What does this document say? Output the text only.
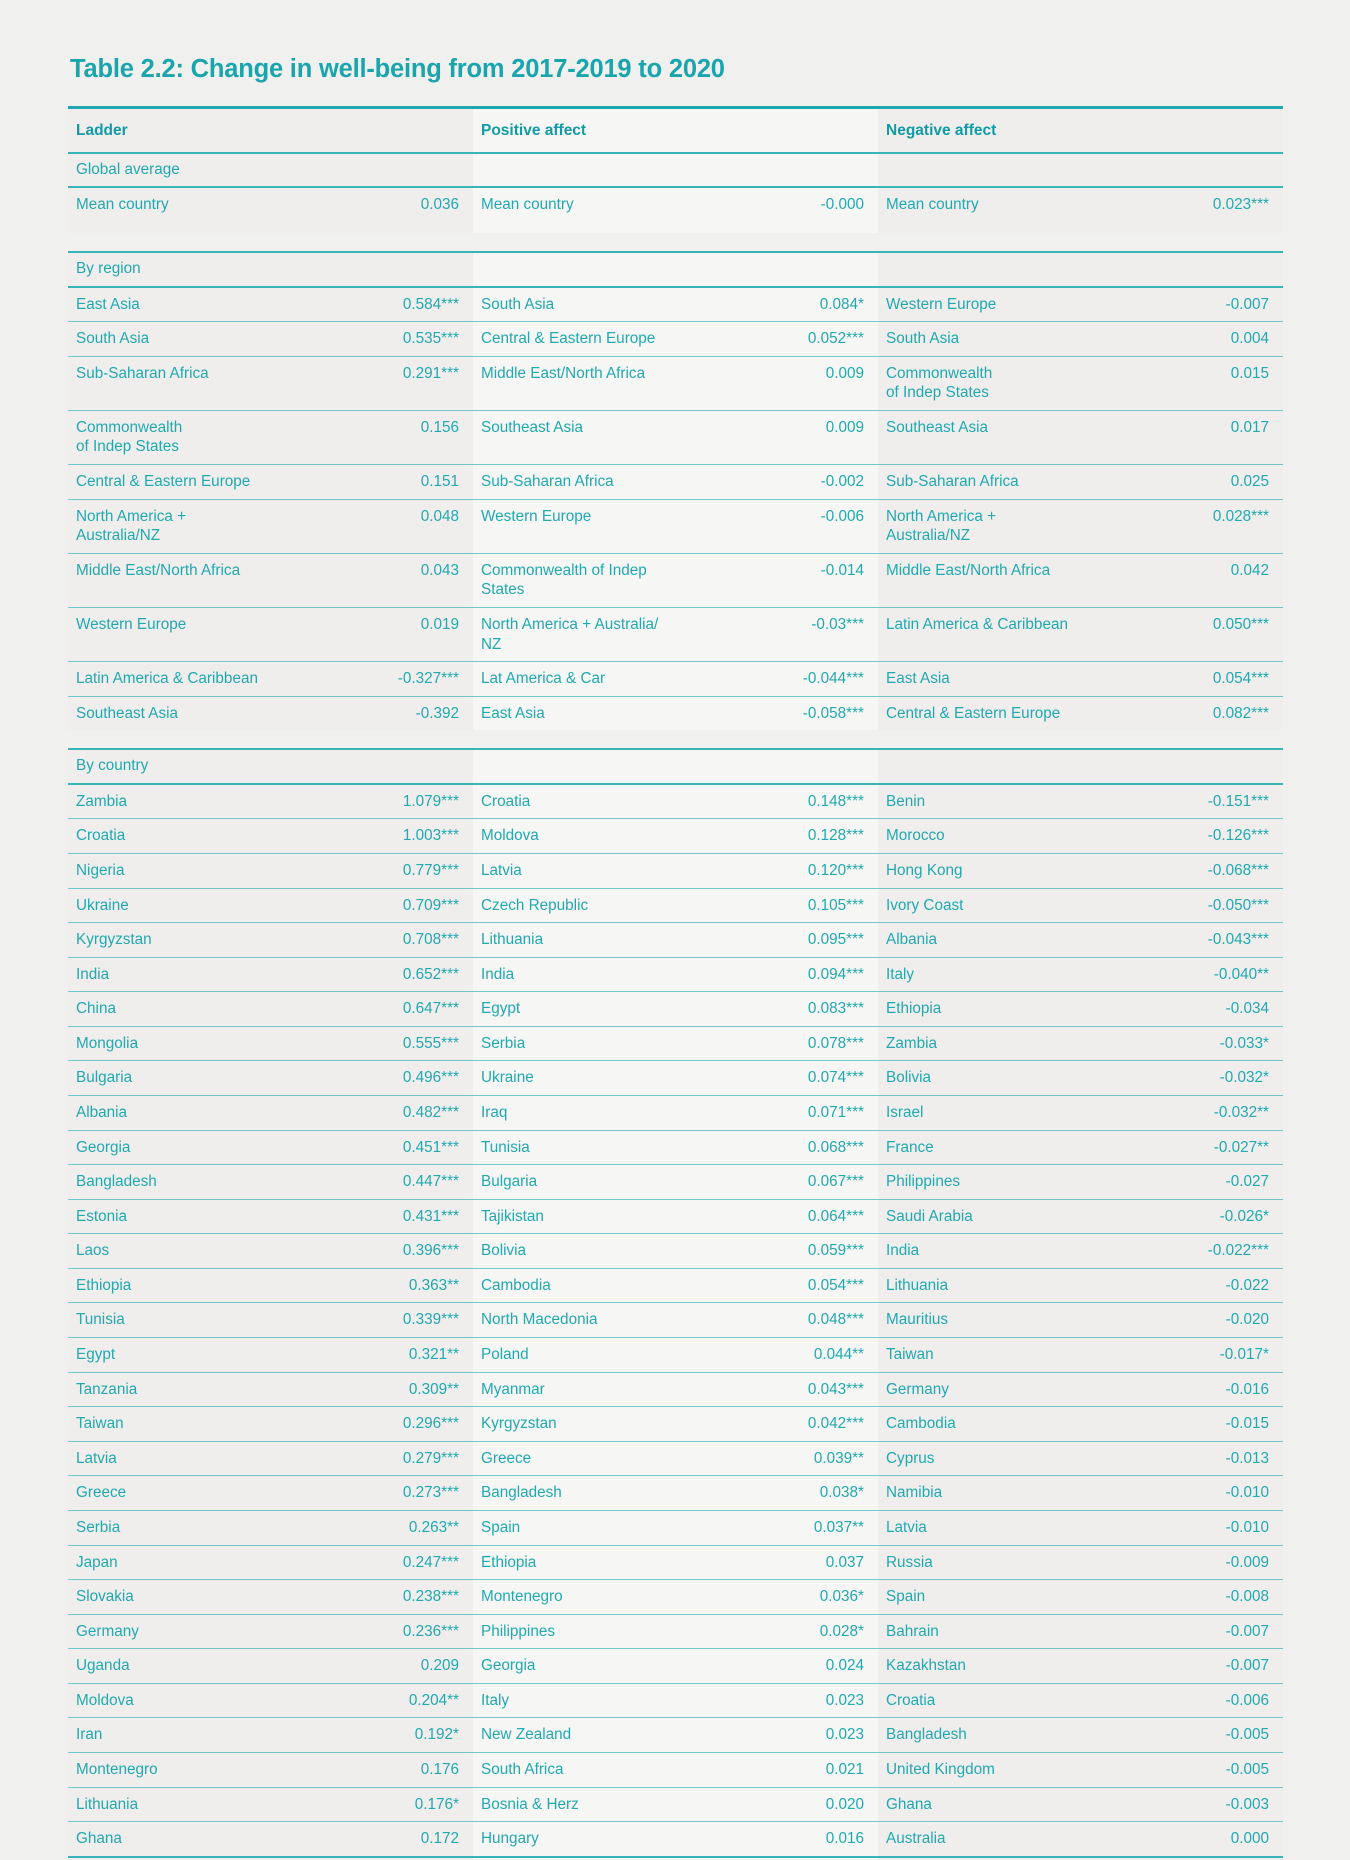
Table 2.2: Change in well-being from 2017-2019 to 2020

Ladder		Positive affect		Negative affect	

Global average					

Mean country	0.036	Mean country	-0.000	Mean country	0.023***

By region					

East Asia	0.584***	South Asia	0.084*	Western Europe	-0.007

South Asia	0.535***	Central & Eastern Europe	0.052***	South Asia	0.004

Sub-Saharan Africa	0.291***	Middle East/North Africa	0.009	Commonwealth
of Indep States	0.015

Commonwealth
of Indep States	0.156	Southeast Asia	0.009	Southeast Asia	0.017

Central & Eastern Europe	0.151	Sub-Saharan Africa	-0.002	Sub-Saharan Africa	0.025

North America +
Australia/NZ	0.048	Western Europe	-0.006	North America +
Australia/NZ	0.028***

Middle East/North Africa	0.043	Commonwealth of Indep
States	-0.014	Middle East/North Africa	0.042

Western Europe	0.019	North America + Australia/
NZ	-0.03***	Latin America & Caribbean	0.050***

Latin America & Caribbean	-0.327***	Lat America & Car	-0.044***	East Asia	0.054***

Southeast Asia	-0.392	East Asia	-0.058***	Central & Eastern Europe	0.082***

By country					

Zambia	1.079***	Croatia	0.148***	Benin	-0.151***

Croatia	1.003***	Moldova	0.128***	Morocco	-0.126***

Nigeria	0.779***	Latvia	0.120***	Hong Kong	-0.068***

Ukraine	0.709***	Czech Republic	0.105***	Ivory Coast	-0.050***

Kyrgyzstan	0.708***	Lithuania	0.095***	Albania	-0.043***

India	0.652***	India	0.094***	Italy	-0.040**

China	0.647***	Egypt	0.083***	Ethiopia	-0.034

Mongolia	0.555***	Serbia	0.078***	Zambia	-0.033*

Bulgaria	0.496***	Ukraine	0.074***	Bolivia	-0.032*

Albania	0.482***	Iraq	0.071***	Israel	-0.032**

Georgia	0.451***	Tunisia	0.068***	France	-0.027**

Bangladesh	0.447***	Bulgaria	0.067***	Philippines	-0.027

Estonia	0.431***	Tajikistan	0.064***	Saudi Arabia	-0.026*

Laos	0.396***	Bolivia	0.059***	India	-0.022***

Ethiopia	0.363**	Cambodia	0.054***	Lithuania	-0.022

Tunisia	0.339***	North Macedonia	0.048***	Mauritius	-0.020

Egypt	0.321**	Poland	0.044**	Taiwan	-0.017*

Tanzania	0.309**	Myanmar	0.043***	Germany	-0.016

Taiwan	0.296***	Kyrgyzstan	0.042***	Cambodia	-0.015

Latvia	0.279***	Greece	0.039**	Cyprus	-0.013

Greece	0.273***	Bangladesh	0.038*	Namibia	-0.010

Serbia	0.263**	Spain	0.037**	Latvia	-0.010

Japan	0.247***	Ethiopia	0.037	Russia	-0.009

Slovakia	0.238***	Montenegro	0.036*	Spain	-0.008

Germany	0.236***	Philippines	0.028*	Bahrain	-0.007

Uganda	0.209	Georgia	0.024	Kazakhstan	-0.007

Moldova	0.204**	Italy	0.023	Croatia	-0.006

Iran	0.192*	New Zealand	0.023	Bangladesh	-0.005

Montenegro	0.176	South Africa	0.021	United Kingdom	-0.005

Lithuania	0.176*	Bosnia & Herz	0.020	Ghana	-0.003

Ghana	0.172	Hungary	0.016	Australia	0.000
